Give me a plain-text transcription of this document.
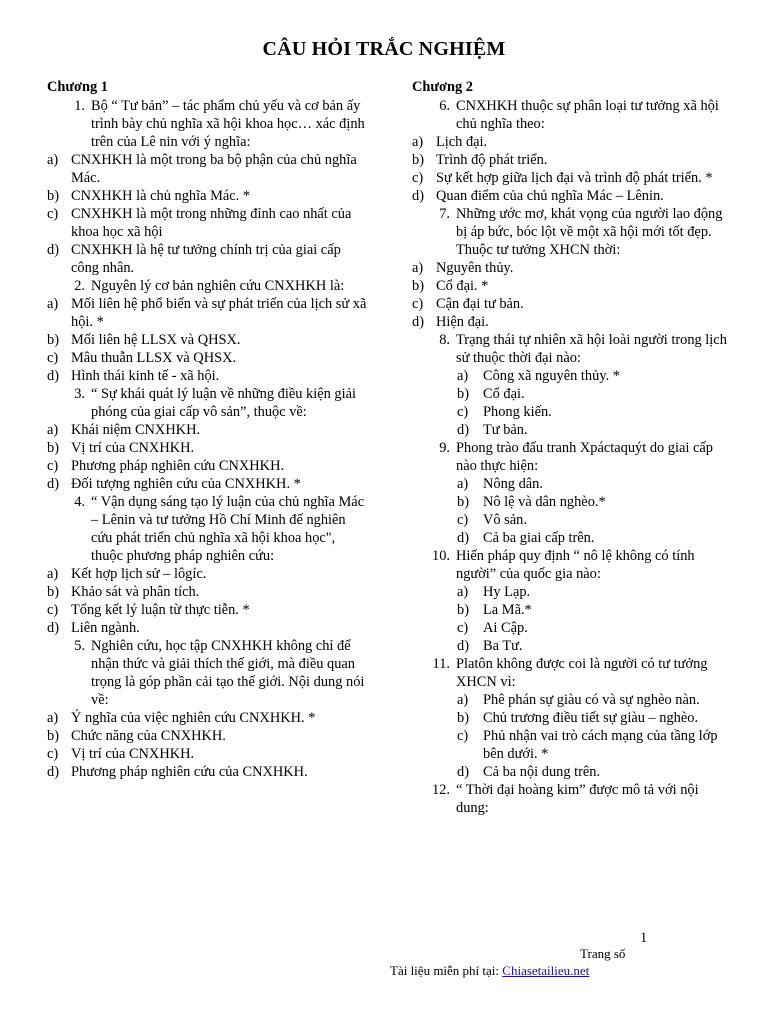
CÂU HỎI TRẮC NGHIỆM
Chương 1
1. Bộ “ Tư bản” – tác phẩm chủ yếu và cơ bản ấy trình bày chủ nghĩa xã hội khoa học… xác định trên của Lê nin với ý nghĩa:
a) CNXHKH là một trong ba bộ phận của chủ nghĩa Mác.
b) CNXHKH là chủ nghĩa Mác. *
c) CNXHKH là một trong những đỉnh cao nhất của khoa học xã hội
d) CNXHKH là hệ tư tưởng chính trị của giai cấp công nhân.
2. Nguyên lý cơ bản nghiên cứu CNXHKH là:
a) Mối liên hệ phổ biến và sự phát triển của lịch sử xã hội. *
b) Mối liên hệ LLSX và QHSX.
c) Mâu thuẫn LLSX và QHSX.
d) Hình thái kinh tế - xã hội.
3. “ Sự khái quát lý luận về những điều kiện giải phóng của giai cấp vô sản”, thuộc về:
a) Khái niệm CNXHKH.
b) Vị trí của CNXHKH.
c) Phương pháp nghiên cứu CNXHKH.
d) Đối tượng nghiên cứu của CNXHKH. *
4. “ Vận dụng sáng tạo lý luận của chủ nghĩa Mác – Lênin và tư tưởng Hồ Chí Minh để nghiên cứu phát triển chủ nghĩa xã hội khoa học", thuộc phương pháp nghiên cứu:
a) Kết hợp lịch sử – lôgíc.
b) Khảo sát và phân tích.
c) Tổng kết lý luận từ thực tiễn. *
d) Liên ngành.
5. Nghiên cứu, học tập CNXHKH không chỉ để nhận thức và giải thích thế giới, mà điều quan trọng là góp phần cải tạo thế giới. Nội dung nói về:
a) Ý nghĩa của việc nghiên cứu CNXHKH. *
b) Chức năng của CNXHKH.
c) Vị trí của CNXHKH.
d) Phương pháp nghiên cứu của CNXHKH.
Chương 2
6. CNXHKH thuộc sự phân loại tư tưởng xã hội chủ nghĩa theo:
a) Lịch đại.
b) Trình độ phát triển.
c) Sự kết hợp giữa lịch đại và trình độ phát triển. *
d) Quan điểm của chủ nghĩa Mác – Lênin.
7. Những ước mơ, khát vọng của người lao động bị áp bức, bóc lột về một xã hội mới tốt đẹp. Thuộc tư tưởng XHCN thời:
a) Nguyên thủy.
b) Cổ đại. *
c) Cận đại tư bản.
d) Hiện đại.
8. Trạng thái tự nhiên xã hội loài người trong lịch sử thuộc thời đại nào:
a)	Công xã nguyên thủy. *
b) Cổ đại.
c)	Phong kiến.
d) Tư bản.
9. Phong trào đấu tranh Xpáctaquýt do giai cấp nào thực hiện:
a)	Nông dân.
b) Nô lệ và dân nghèo.*
c)	Vô sản.
d) Cả ba giai cấp trên.
10. Hiến pháp quy định “ nô lệ không có tính người” của quốc gia nào:
a)	Hy Lạp.
b) La Mã.*
c)	Ai Cập.
d) Ba Tư.
11. Platôn không được coi là người có tư tưởng XHCN vì:
a)	Phê phán sự giàu có và sự nghèo nàn.
b) Chủ trương điều tiết sự giàu – nghèo.
c)	Phủ nhận vai trò cách mạng của tầng lớp bên dưới. *
d) Cả ba nội dung trên.
12. “ Thời đại hoàng kim” được mô tả với nội dung:
1
Trang số
Tài liệu miễn phí tại: Chiasetailieu.net
